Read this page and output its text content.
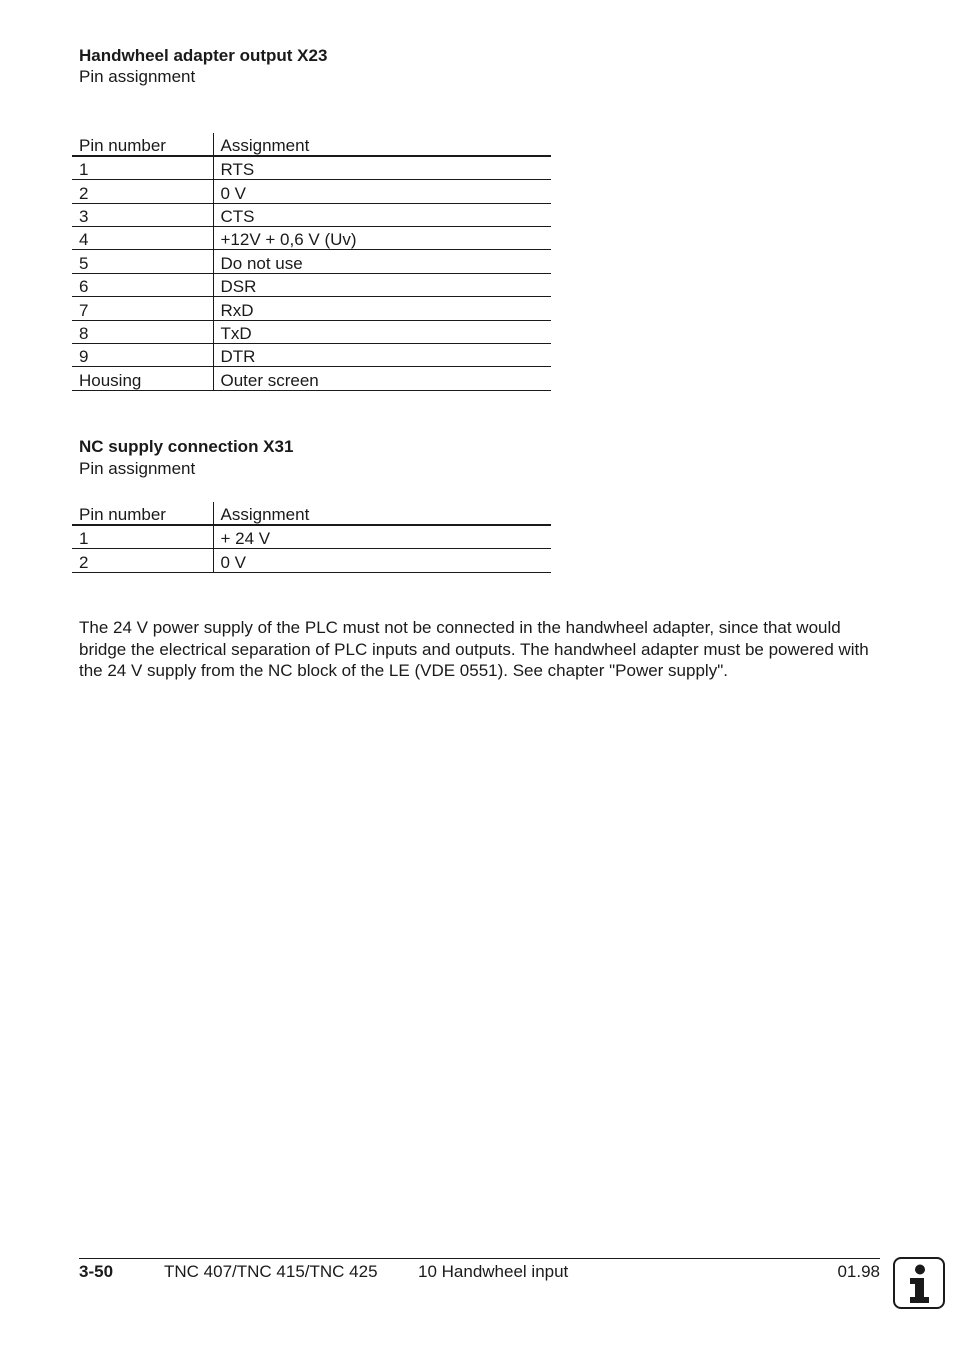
Handwheel adapter output X23

Pin assignment

Pin number	Assignment
1	RTS
2	0 V
3	CTS
4	+12V + 0,6 V (Uv)
5	Do not use
6	DSR
7	RxD
8	TxD
9	DTR
Housing	Outer screen
NC supply connection X31

Pin assignment

Pin number	Assignment
1	+ 24 V
2	0 V

The 24 V power supply of the PLC must not be connected in the handwheel adapter, since that would bridge the electrical separation of PLC inputs and outputs. The handwheel adapter must be powered with the 24 V supply from the NC block of the LE (VDE 0551). See chapter "Power supply".

3-50	TNC 407/TNC 415/TNC 425 10 Handwheel input	01.98
